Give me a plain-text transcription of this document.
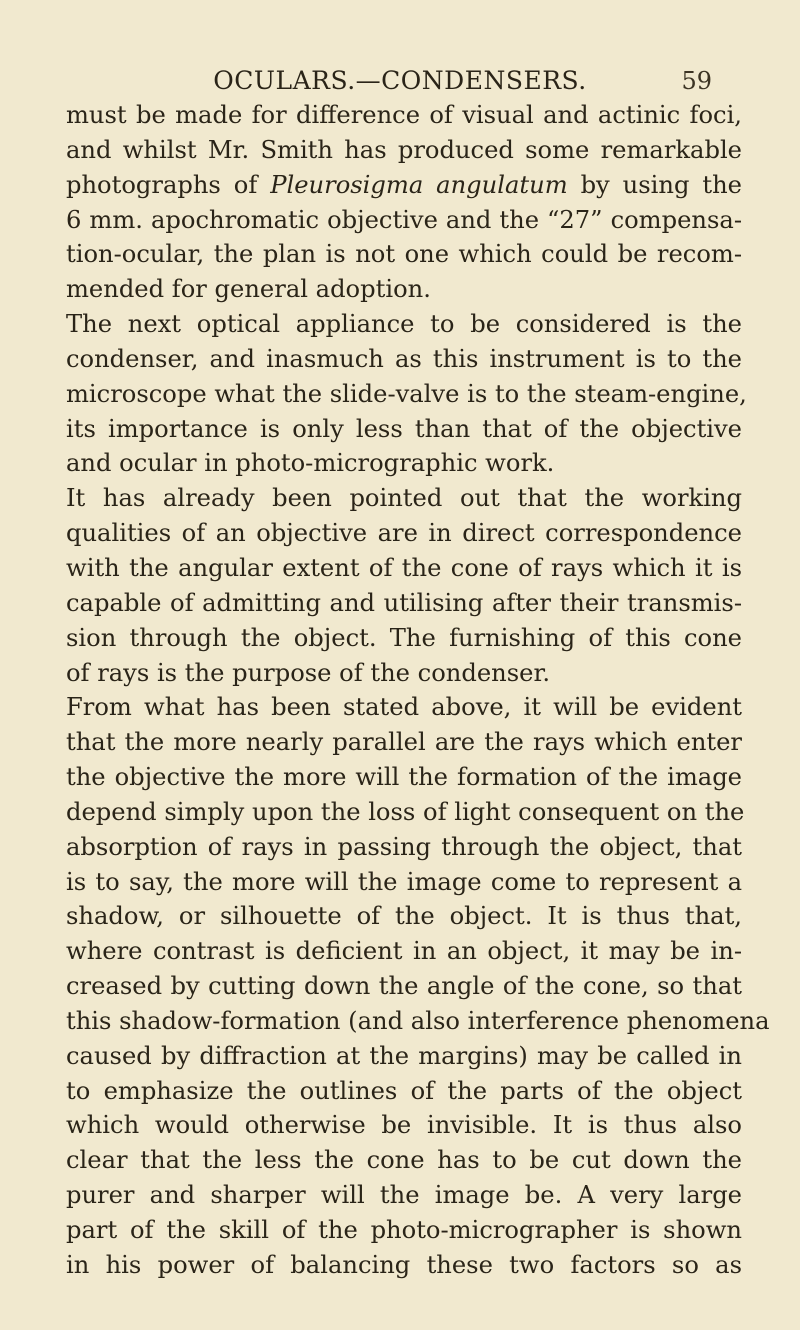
OCULARS.—CONDENSERS.	59
must be made for difference of visual and actinic foci,
and whilst Mr. Smith has produced some remarkable
photographs of Pleurosigma angulatum by using the
6 mm. apochromatic objective and the “27” compensa-
tion-ocular, the plan is not one which could be recom-
mended for general adoption.
The next optical appliance to be considered is the
condenser, and inasmuch as this instrument is to the
microscope what the slide-valve is to the steam-engine,
its importance is only less than that of the objective
and ocular in photo-micrographic work.
It has already been pointed out that the working
qualities of an objective are in direct correspondence
with the angular extent of the cone of rays which it is
capable of admitting and utilising after their transmis-
sion through the object. The furnishing of this cone
of rays is the purpose of the condenser.
From what has been stated above, it will be evident
that the more nearly parallel are the rays which enter
the objective the more will the formation of the image
depend simply upon the loss of light consequent on the
absorption of rays in passing through the object, that
is to say, the more will the image come to represent a
shadow, or silhouette of the object. It is thus that,
where contrast is deficient in an object, it may be in-
creased by cutting down the angle of the cone, so that
this shadow-formation (and also interference phenomena
caused by diffraction at the margins) may be called in
to emphasize the outlines of the parts of the object
which would otherwise be invisible. It is thus also
clear that the less the cone has to be cut down the
purer and sharper will the image be. A very large
part of the skill of the photo-micrographer is shown
in his power of balancing these two factors so as
